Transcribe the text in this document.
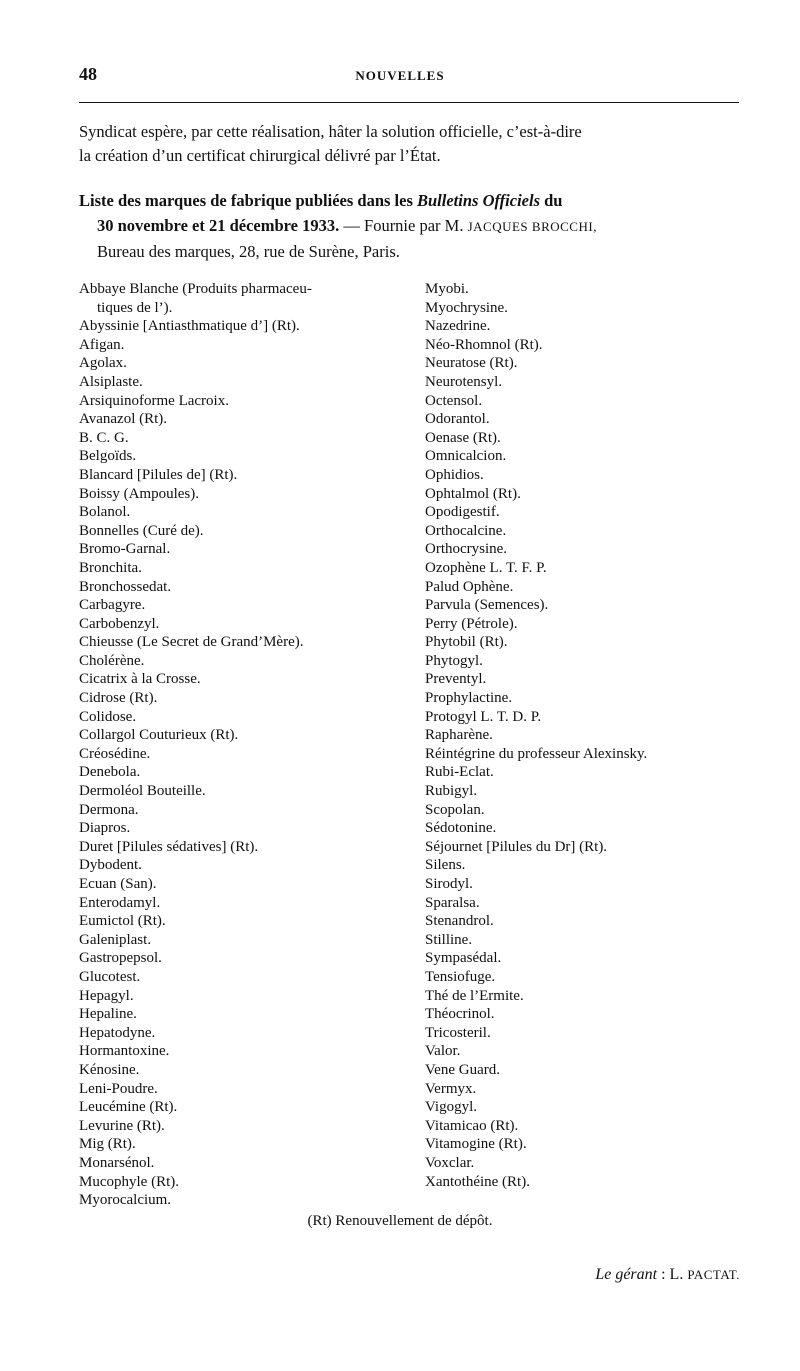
48	NOUVELLES
Syndicat espère, par cette réalisation, hâter la solution officielle, c’est-à-dire
la création d’un certificat chirurgical délivré par l’État.
Liste des marques de fabrique publiées dans les Bulletins Officiels du
30 novembre et 21 décembre 1933. — Fournie par M. JACQUES BROCCHI,
Bureau des marques, 28, rue de Surène, Paris.
Abbaye Blanche (Produits pharmaceu-
tiques de l’).
Abyssinie [Antiasthmatique d’] (Rt).
Afigan.
Agolax.
Alsiplaste.
Arsiquinoforme Lacroix.
Avanazol (Rt).
B. C. G.
Belgoïds.
Blancard [Pilules de] (Rt).
Boissy (Ampoules).
Bolanol.
Bonnelles (Curé de).
Bromo-Garnal.
Bronchita.
Bronchossedat.
Carbagyre.
Carbobenzyl.
Chieusse (Le Secret de Grand’Mère).
Cholérène.
Cicatrix à la Crosse.
Cidrose (Rt).
Colidose.
Collargol Couturieux (Rt).
Créosédine.
Denebola.
Dermoléol Bouteille.
Dermona.
Diapros.
Duret [Pilules sédatives] (Rt).
Dybodent.
Ecuan (San).
Enterodamyl.
Eumictol (Rt).
Galeniplast.
Gastropepsol.
Glucotest.
Hepagyl.
Hepaline.
Hepatodyne.
Hormantoxine.
Kénosine.
Leni-Poudre.
Leucémine (Rt).
Levurine (Rt).
Mig (Rt).
Monarsénol.
Mucophyle (Rt).
Myorocalcium.
Myobi.
Myochrysine.
Nazedrine.
Néo-Rhomnol (Rt).
Neuratose (Rt).
Neurotensyl.
Octensol.
Odorantol.
Oenase (Rt).
Omnicalcion.
Ophidios.
Ophtalmol (Rt).
Opodigestif.
Orthocalcine.
Orthocrysine.
Ozophène L. T. F. P.
Palud Ophène.
Parvula (Semences).
Perry (Pétrole).
Phytobil (Rt).
Phytogyl.
Preventyl.
Prophylactine.
Protogyl L. T. D. P.
Rapharène.
Réintégrine du professeur Alexinsky.
Rubi-Eclat.
Rubigyl.
Scopolan.
Sédotonine.
Séjournet [Pilules du Dr] (Rt).
Silens.
Sirodyl.
Sparalsa.
Stenandrol.
Stilline.
Sympasédal.
Tensiofuge.
Thé de l’Ermite.
Théocrinol.
Tricosteril.
Valor.
Vene Guard.
Vermyx.
Vigogyl.
Vitamicao (Rt).
Vitamogine (Rt).
Voxclar.
Xantothéine (Rt).
(Rt) Renouvellement de dépôt.
Le gérant : L. PACTAT.
